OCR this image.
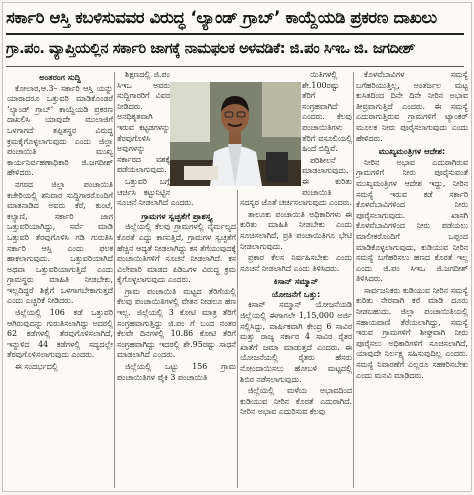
ಸರ್ಕಾರಿ ಆಸ್ತಿ ಕಬಳಿಸುವವರ ವಿರುದ್ಧ ‘ಲ್ಯಾಂಡ್ ಗ್ರಾಬ್’ ಕಾಯ್ದೆಯಡಿ ಪ್ರಕರಣ ದಾಖಲು
ಗ್ರಾ.ಪಂ. ವ್ಯಾಪ್ತಿಯಲ್ಲಿನ ಸರ್ಕಾರಿ ಜಾಗಕ್ಕೆ ನಾಮಫಲಕ ಅಳವಡಿಕೆ: ಜಿ.ಪಂ ಸಿಇಒ ಜಿ. ಜಗದೀಶ್

ಅಂತರಂಗ ಸುದ್ದಿ

ಕೋಲಾರ,ಆ.3– ಸರ್ಕಾರಿ ಆಸ್ತಿ ಯನ್ನು ಯಾರಾದರೂ ಒತ್ತುವರಿ ಮಾಡಿಕೊಂಡರೆ ‘ಲ್ಯಾಂಡ್ ಗ್ರಾಬ್’ ಕಾಯ್ದೆಯಡಿ ಪ್ರಕರಣ ದಾಖಲಿಸಿ ಯಾವುದೇ ಮುಲಾಜಿಗೆ ಒಳಗಾಗದೆ ತಪ್ಪಿತಸ್ಥರ ವಿರುದ್ಧ ಕ್ರಮಕೈಗೊಳ್ಳಲಾಗುವುದು ಎಂದು ಜಿಲ್ಲಾ ಪಂಚಾಯಿತಿ ಮುಖ್ಯ ಕಾರ್ಯನಿರ್ವಹಣಾಧಿಕಾರಿ ಜಿ.ಜಗದೀಶ್ ಹೇಳಿದರು.

ನಗರದ ಜಿಲ್ಲಾ ಪಂಚಾಯಿತಿ ಕಚೇರಿಯಲ್ಲಿ ಶನಿವಾರ ಸುದ್ದಿಗಾರರೊಂದಿಗೆ ಮಾತನಾಡಿದ ಅವರು ಕೆರೆ, ಕುಂಟೆ, ಕಲ್ಯಾಣಿ, ಸರ್ಕಾರಿ ಜಾಗ ಒತ್ತುವರಿಯಾಗಿದ್ದು, ಸರ್ವೆ ಮಾಡಿ ಒತ್ತುವರಿ ತೆರವುಗೊಳಿಸಿ ಗಡಿ ಗುರುತಿಸಿ ಸರ್ಕಾರಿ ಆಸ್ತಿ ಎಂದು ಫಲಕ ಹಾಕಲಾಗುವುದು. ಒತ್ತುವರಿಯಾಗಿದೆ ಅಥವಾ ಒತ್ತುವರಿಯಾಗುತ್ತಿದೆ ಎಂದು ಗ್ರಾಮಸ್ಥರು ಮಾಹಿತಿ ನೀಡಬೇಕು, ಇಲ್ಲದಿದ್ದರೆ ಶಿಕ್ಷೆಗೆ ಒಳಗಾಗಬೇಕಾಗುತ್ತದೆ ಎಂದು ಎಚ್ಚರಿಕೆ ನೀಡಿದರು.

ಜಿಲ್ಲೆಯಲ್ಲಿ 106 ಕಡೆ ಒತ್ತುವರಿ ಆಗಿರುವುದನ್ನು ಗುರುತಿಸಲಾಗಿದ್ದು ಅದರಲ್ಲಿ 62 ಕಡೆಗಳಲ್ಲಿ ತೆರವುಗೊಳಿಸಲಾಗಿದೆ, ಇನ್ನುಳಿದ 44 ಕಡೆಗಳಲ್ಲಿ ಸದ್ಯದಲ್ಲೇ ತೆರವುಗೊಳಿಸಲಾಗುವುದು ಎಂದರು.

ಈ ಸಂದರ್ಭದಲ್ಲಿ

ಶಿಕ್ಷಣದಲ್ಲಿ ಜಿ.ಪಂ ಸಿಇಒ ಅವರು ಸುದ್ದಿಗಾರರಿಗೆ ವಿವರ ನೀಡಿದರು. ಅನಧಿಕೃತವಾಗಿ ಇರುವ ಕಟ್ಟಡಗಳನ್ನು ತೆರವುಗೊಳಿಸಿ ಅವುಗಳನ್ನು ಸರ್ಕಾರದ ವಶಕ್ಕೆ ಪಡೆಯಲಾಗುವುದು.

ಒತ್ತುವರಿ ಬಗ್ಗೆ ಚರ್ಚಿಸಿ ಕಟ್ಟುನಿಟ್ಟಿನ ಸೂಚನೆ ನೀಡಲಾಗಿದೆ ಎಂದರು.

ಗ್ರಾಮಗಳ ಸ್ವಚ್ಛತೆಗೆ ಪ್ರಾಶಸ್ತ್ಯ

ಜಿಲ್ಲೆಯಲ್ಲಿ ಕೆಲವು ಗ್ರಾಮಗಳಲ್ಲಿ ನೈರ್ಮಲ್ಯದ ಕೊರತೆ ಎದ್ದು ಕಾಣುತ್ತಿದೆ, ಗ್ರಾಮಗಳ ಸ್ವಚ್ಛತೆಗೆ ಹೆಚ್ಚಿನ ಆದ್ಯತೆ ನೀಡಲಾಗಿದ್ದು ಕಸ ತೆಗೆಯುವುದಕ್ಕೆ ಪಂಚಾಯಿತಿಗಳಿಗೆ ಸೂಚನೆ ನೀಡಲಾಗಿದೆ. ಕಸ ವಿಲೇವಾರಿ ಮಾಡದ ಪಿಡಿಒಗಳ ವಿರುದ್ಧ ಕ್ರಮ ಕೈಗೊಳ್ಳಲಾಗುವುದು ಎಂದರು.

ಗ್ರಾಮ ಪಂಚಾಯಿತಿ ಮಟ್ಟದ ತೆರಿಗೆಯಲ್ಲಿ ಕೆಲವು ಪಂಚಾಯಿತಿಗಳಲ್ಲಿ ವೇತನ ನೀಡಲೂ ಹಣ ಇಲ್ಲ. ಜಿಲ್ಲೆಯಲ್ಲಿ 3 ಕೋಟಿ ಮಾತ್ರ ತೆರಿಗೆ ಸಂಗ್ರಹವಾಗುತ್ತಿದ್ದು ಜಿ.ಪಂ ಗೆ ಬಂದ ನಂತರ ಕೆಲವೇ ದಿನಗಳಲ್ಲಿ 10.86 ಕೋಟಿ ತೆರಿಗೆ ಸಂಗ್ರಹವಾಗಿದ್ದು ಇದರಲ್ಲಿ ಶೇ.95ರಷ್ಟು ಸಾಧನೆ ಮಾಡಲಾಗಿದೆ ಎಂದರು.

ಜಿಲ್ಲೆಯಲ್ಲಿ ಒಟ್ಟು 156 ಗ್ರಾಮ ಪಂಚಾಯಿತಿಗಳ ಪೈಕಿ 3 ಪಂಚಾಯಿತಿ

ಯಿತಿಗಳಲ್ಲಿ ಶೇ.100ರಷ್ಟು ತೆರಿಗೆ ಸಂಗ್ರಹವಾಗಿದೆ ಎಂದರು. ಕೆಲವು ಪಂಚಾಯಿತಿಗಳು ತೆರಿಗೆ ವಸೂಲಿಯಲ್ಲಿ ಹಿಂದೆ ಬಿದ್ದಿವೆ.

ಪರಿಶೀಲನೆ ಮಾಡಲಾಗುವುದು. ಈ ಕುರಿತು ಪಂಚಾಯಿತಿ ಸದಸ್ಯರ ಜೊತೆ ಚರ್ಚಿಸಲಾಗುವುದು ಎಂದರು.

ತಾಲೂಕು ಪಂಚಾಯಿತಿ ಅಧಿಕಾರಿಗಳು ಈ ಕುರಿತು ಮಾಹಿತಿ ನೀಡಬೇಕು ಎಂದು ಸೂಚಿಸಲಾಗಿದೆ, ಪ್ರತಿ ಪಂಚಾಯಿತಿಗೂ ಭೇಟಿ ನೀಡಲಾಗುವುದು.

ಪ್ರಕಾರ ಕೆಲಸ ನಿರ್ವಹಿಸಬೇಕು ಎಂದು ಸೂಚನೆ ನೀಡಲಾಗಿದೆ ಎಂದು ತಿಳಿಸಿದರು.

ಕಿಸಾನ್ ಸಮ್ಮಾನ್

ಯೋಜನೆಗೆ ಒತ್ತು:

ಕಿಸಾನ್ ಸಮ್ಮಾನ್ ಯೋಜನೆಯಡಿ ಜಿಲ್ಲೆಯಲ್ಲಿ ಈಗಾಗಲೇ 1,15,000 ಅರ್ಜಿ ಸಲ್ಲಿಸಿದ್ದು, ವಾರ್ಷಿಕವಾಗಿ ಕೇಂದ್ರ 6 ಸಾವಿರ ಮತ್ತು ರಾಜ್ಯ ಸರ್ಕಾರ 4 ಸಾವಿರ ರೈತರ ಖಾತೆಗೆ ಜಮಾ ಮಾಡುತ್ತದೆ ಎಂದರು. ಈ ಯೋಜನೆಯಲ್ಲಿ ರೈತರು ಹೆಸರು ನೋಂದಾಯಿಸಲು ಹೋಬಳಿ ಮಟ್ಟದಲ್ಲಿ ಶಿಬಿರ ನಡೆಸಲಾಗುವುದು.

ಜಿಲ್ಲೆಯಲ್ಲಿ ಮಳೆಯ ಅಭಾವದಿಂದ ಕುಡಿಯುವ ನೀರಿನ ಕೊರತೆ ಎದುರಾಗಿದೆ. ನೀರಿನ ಅಭಾವ ಎದುರಿಸುವ ಕೆಲವು

ಕೊಳವೆಬಾವಿಗಳ ಸಮಸ್ಯೆ ಬಗೆಹರಿಯುತ್ತಿಲ್ಲ, ಅಂತರ್ಜಲ ಮಟ್ಟ ಕುಸಿತದಿಂದ ದಿನೇ ದಿನೇ ನೀರಿನ ಅಭಾವ ತೀವ್ರವಾಗುತ್ತಿದೆ ಎಂದರು. ಈ ಸಮಸ್ಯೆ ಎದುರಾಗುತ್ತಿರುವ ಗ್ರಾಮಗಳಿಗೆ ಟ್ಯಾಂಕರ್ ಮೂಲಕ ನೀರು ಪೂರೈಸಲಾಗುವುದು ಎಂದು ಹೇಳಿದರು.

ಮುಖ್ಯಮಂತ್ರಿಗಳ ಆದೇಶ:

ನೀರಿನ ಅಭಾವ ಎದುರಾಗಿರುವ ಗ್ರಾಮಗಳಿಗೆ ನೀರು ಪೂರೈಸುವಂತೆ ಮುಖ್ಯಮಂತ್ರಿಗಳ ಆದೇಶ ಇದ್ದು, ನೀರಿನ ಸಮಸ್ಯೆ ಇರುವ ಕಡೆ ಸರ್ಕಾರಿ ಕೊಳವೆಬಾವಿಗಳಿಂದ ನೀರು ಪೂರೈಸಲಾಗುವುದು. ಖಾಸಗಿ ಕೊಳವೆಬಾವಿಗಳಿಂದ ನೀರು ಪಡೆಯಲು ಮಾಲೀಕರೊಂದಿಗೆ ಒಪ್ಪಂದ ಮಾಡಿಕೊಳ್ಳಲಾಗುವುದು, ಕುಡಿಯುವ ನೀರಿನ ಸಮಸ್ಯೆ ಬಗೆಹರಿಸಲು ಹಣದ ಕೊರತೆ ಇಲ್ಲ ಎಂದು ಜಿ.ಪಂ ಸಿಇಒ ಜಿ.ಜಗದೀಶ್ ತಿಳಿಸಿದರು.

ಸಾರ್ವಜನಿಕರು ಕುಡಿಯುವ ನೀರಿನ ಸಮಸ್ಯೆ ಕುರಿತು ನೇರವಾಗಿ ಕರೆ ಮಾಡಿ ದೂರು ನೀಡಬಹುದು. ಜಿಲ್ಲಾ ಪಂಚಾಯಿತಿಯಲ್ಲಿ ಸಹಾಯವಾಣಿ ತೆರೆಯಲಾಗಿದ್ದು, ಸಮಸ್ಯೆ ಇರುವ ಗ್ರಾಮಗಳಿಗೆ ಶೀಘ್ರವಾಗಿ ನೀರು ಪೂರೈಸಲು ಅಧಿಕಾರಿಗಳಿಗೆ ಸೂಚಿಸಲಾಗಿದೆ, ಯಾವುದೇ ನಿರ್ಲಕ್ಷ್ಯ ಸಹಿಸುವುದಿಲ್ಲ ಎಂದರು. ಸಮಸ್ಯೆ ನಿವಾರಣೆಗೆ ಎಲ್ಲರೂ ಸಹಕರಿಸಬೇಕು ಎಂದು ಮನವಿ ಮಾಡಿದರು.
